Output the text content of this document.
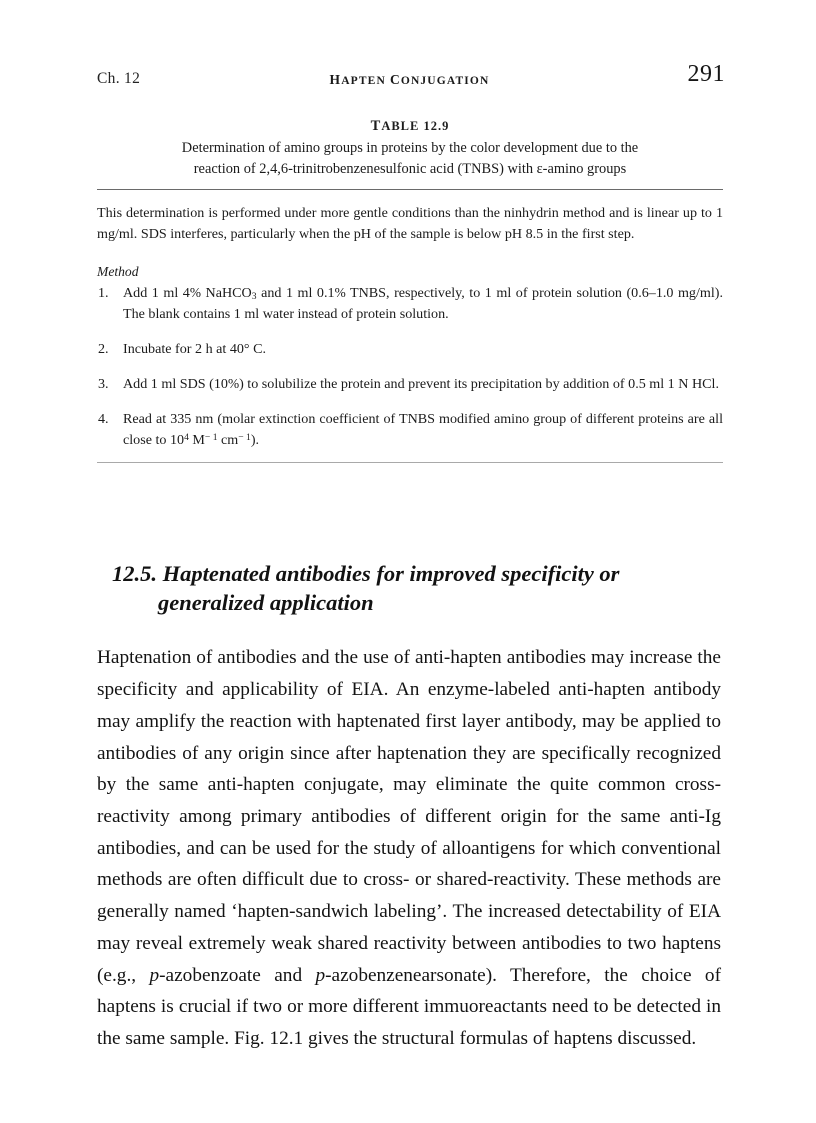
Ch. 12	HAPTEN CONJUGATION	291
TABLE 12.9
Determination of amino groups in proteins by the color development due to the
reaction of 2,4,6-trinitrobenzenesulfonic acid (TNBS) with ε-amino groups

This determination is performed under more gentle conditions than the ninhydrin method and is linear up to 1 mg/ml. SDS interferes, particularly when the pH of the sample is below pH 8.5 in the first step.

Method
1.	Add 1 ml 4% NaHCO$_3$ and 1 ml 0.1% TNBS, respectively, to 1 ml of protein solution (0.6–1.0 mg/ml). The blank contains 1 ml water instead of protein solution.
2.	Incubate for 2 h at 40° C.
3.	Add 1 ml SDS (10%) to solubilize the protein and prevent its precipitation by addition of 0.5 ml 1 N HCl.
4.	Read at 335 nm (molar extinction coefficient of TNBS modified amino group of different proteins are all close to $10^4$ $M^{- 1}$ $cm^{- 1}$).
12.5. Haptenated antibodies for improved specificity or
generalized application

Haptenation of antibodies and the use of anti-hapten antibodies may increase the specificity and applicability of EIA. An enzyme-labeled anti-hapten antibody may amplify the reaction with haptenated first layer antibody, may be applied to antibodies of any origin since after haptenation they are specifically recognized by the same anti-hapten conjugate, may eliminate the quite common cross-reactivity among primary antibodies of different origin for the same anti-Ig antibodies, and can be used for the study of alloantigens for which conventional methods are often difficult due to cross- or shared-reactivity. These methods are generally named ‘hapten-sandwich labeling’. The increased detectability of EIA may reveal extremely weak shared reactivity between antibodies to two haptens (e.g., p-azobenzoate and p-azobenzenearsonate). Therefore, the choice of haptens is crucial if two or more different immuoreactants need to be detected in the same sample. Fig. 12.1 gives the structural formulas of haptens discussed.
